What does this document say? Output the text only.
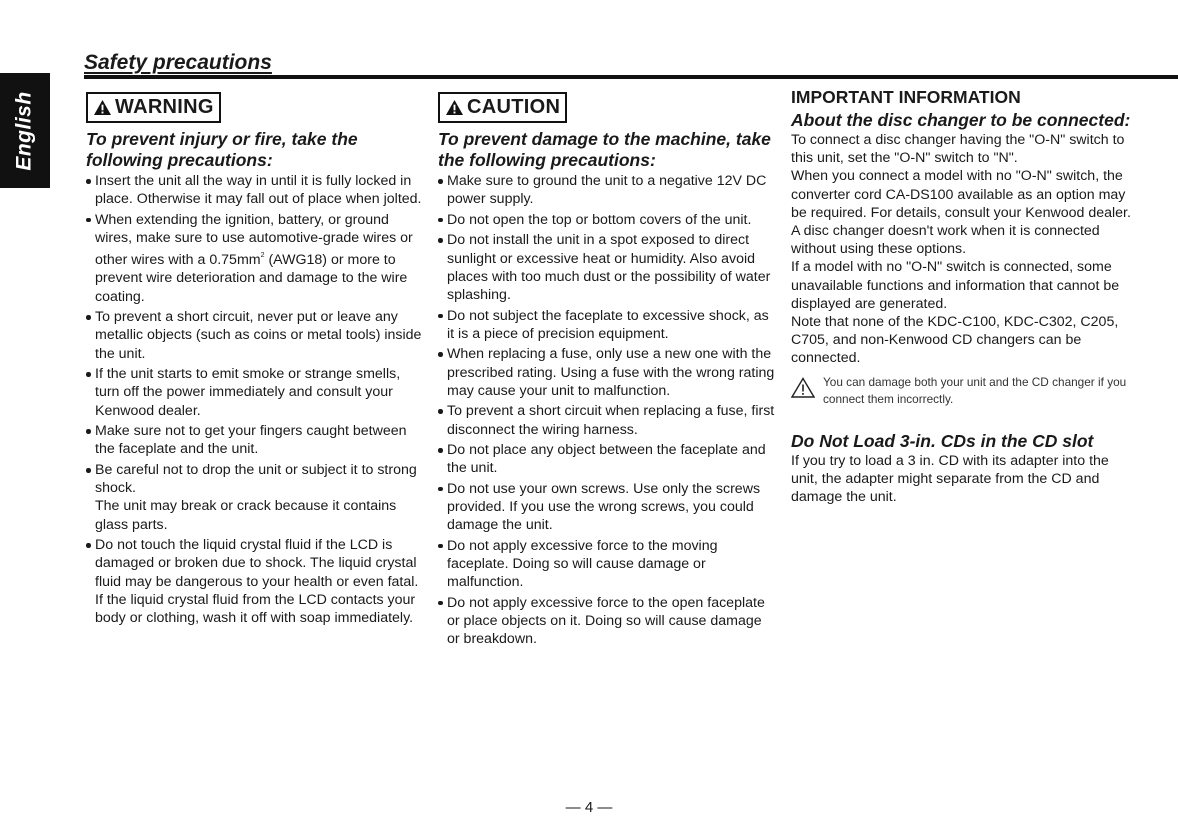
English
Safety precautions
WARNING

To prevent injury or fire, take the following precautions:

Insert the unit all the way in until it is fully locked in place. Otherwise it may fall out of place when jolted.

When extending the ignition, battery, or ground wires, make sure to use automotive-grade wires or other wires with a $0.75mm^2$ (AWG18) or more to prevent wire deterioration and damage to the wire coating.

To prevent a short circuit, never put or leave any metallic objects (such as coins or metal tools) inside the unit.

If the unit starts to emit smoke or strange smells, turn off the power immediately and consult your Kenwood dealer.

Make sure not to get your fingers caught between the faceplate and the unit.

Be careful not to drop the unit or subject it to strong shock.

The unit may break or crack because it contains glass parts.

Do not touch the liquid crystal fluid if the LCD is damaged or broken due to shock. The liquid crystal fluid may be dangerous to your health or even fatal.

If the liquid crystal fluid from the LCD contacts your body or clothing, wash it off with soap immediately.

CAUTION

To prevent damage to the machine, take the following precautions:

Make sure to ground the unit to a negative 12V DC power supply.
Do not open the top or bottom covers of the unit.
Do not install the unit in a spot exposed to direct sunlight or excessive heat or humidity. Also avoid places with too much dust or the possibility of water splashing.
Do not subject the faceplate to excessive shock, as it is a piece of precision equipment.
When replacing a fuse, only use a new one with the prescribed rating. Using a fuse with the wrong rating may cause your unit to malfunction.
To prevent a short circuit when replacing a fuse, first disconnect the wiring harness.
Do not place any object between the faceplate and the unit.
Do not use your own screws. Use only the screws provided. If you use the wrong screws, you could damage the unit.
Do not apply excessive force to the moving faceplate. Doing so will cause damage or malfunction.
Do not apply excessive force to the open faceplate or place objects on it. Doing so will cause damage or breakdown.
IMPORTANT INFORMATION
About the disc changer to be connected:

To connect a disc changer having the "O-N" switch to this unit, set the "O-N" switch to "N".

When you connect a model with no "O-N" switch, the converter cord CA-DS100 available as an option may be required. For details, consult your Kenwood dealer.

A disc changer doesn't work when it is connected without using these options.

If a model with no "O-N" switch is connected, some unavailable functions and information that cannot be displayed are generated.

Note that none of the KDC-C100, KDC-C302, C205, C705, and non-Kenwood CD changers can be connected.

You can damage both your unit and the CD changer if you connect them incorrectly.

Do Not Load 3-in. CDs in the CD slot

If you try to load a 3 in. CD with its adapter into the unit, the adapter might separate from the CD and damage the unit.

— 4 —
